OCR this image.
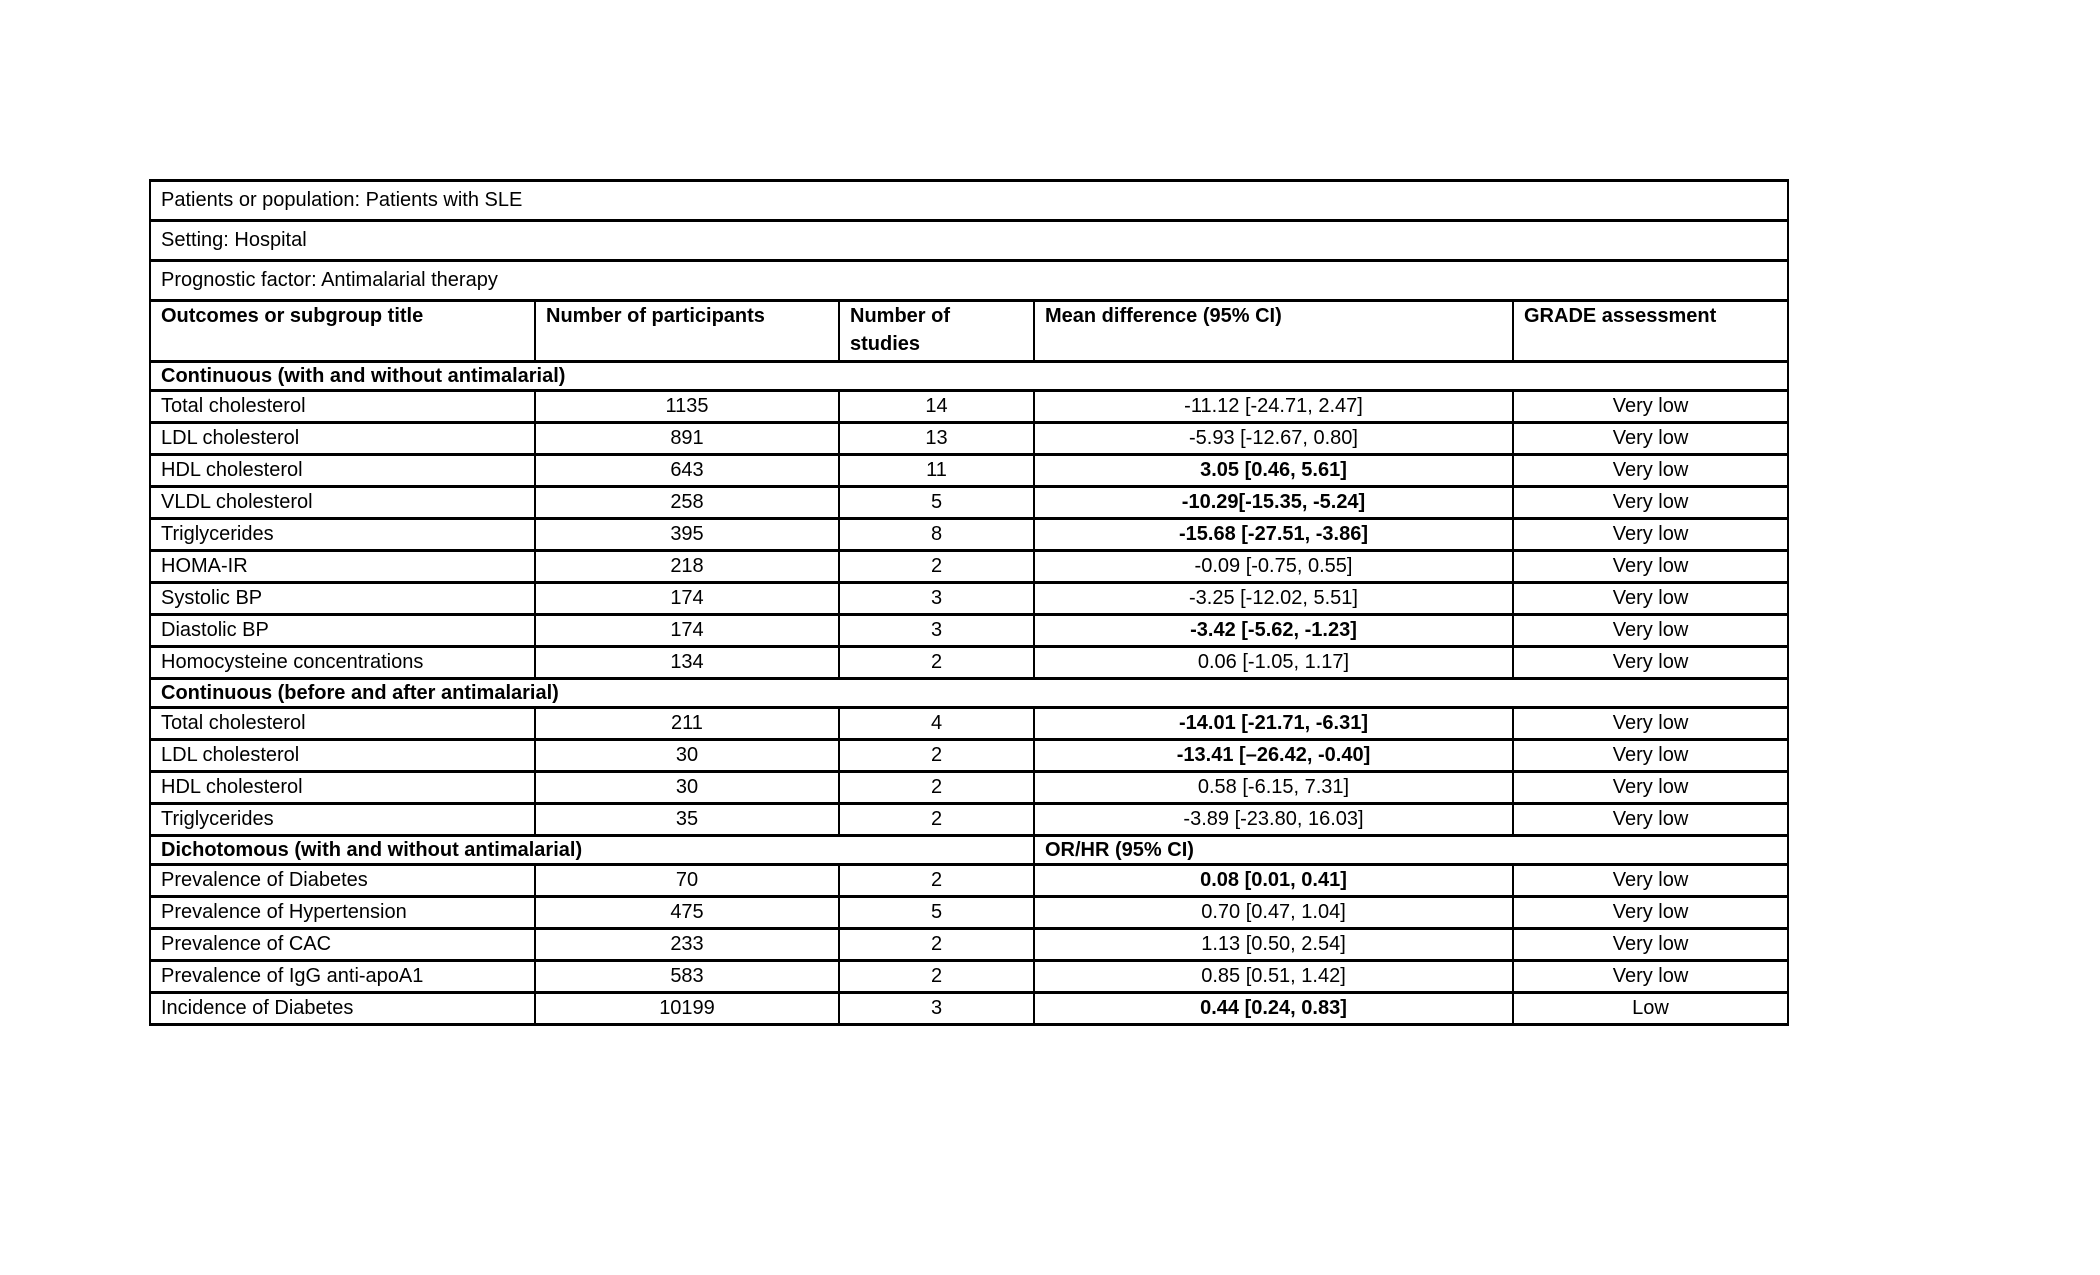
Patients or population: Patients with SLE				
Setting: Hospital				
Prognostic factor: Antimalarial therapy				
Outcomes or subgroup title	Number of participants	Number of studies	Mean difference (95% CI)	GRADE assessment
Continuous (with and without antimalarial)				
Total cholesterol	1135	14	-11.12 [-24.71, 2.47]	Very low
LDL cholesterol	891	13	-5.93 [-12.67, 0.80]	Very low
HDL cholesterol	643	11	3.05 [0.46, 5.61]	Very low
VLDL cholesterol	258	5	-10.29[-15.35, -5.24]	Very low
Triglycerides	395	8	-15.68 [-27.51, -3.86]	Very low
HOMA-IR	218	2	-0.09 [-0.75, 0.55]	Very low
Systolic BP	174	3	-3.25 [-12.02, 5.51]	Very low
Diastolic BP	174	3	-3.42 [-5.62, -1.23]	Very low
Homocysteine concentrations	134	2	0.06 [-1.05, 1.17]	Very low
Continuous (before and after antimalarial)				
Total cholesterol	211	4	-14.01 [-21.71, -6.31]	Very low
LDL cholesterol	30	2	-13.41 [–26.42, -0.40]	Very low
HDL cholesterol	30	2	0.58 [-6.15, 7.31]	Very low
Triglycerides	35	2	-3.89 [-23.80, 16.03]	Very low
Dichotomous (with and without antimalarial)			OR/HR (95% CI)	
Prevalence of Diabetes	70	2	0.08 [0.01, 0.41]	Very low
Prevalence of Hypertension	475	5	0.70 [0.47, 1.04]	Very low
Prevalence of CAC	233	2	1.13 [0.50, 2.54]	Very low
Prevalence of IgG anti-apoA1	583	2	0.85 [0.51, 1.42]	Very low
Incidence of Diabetes	10199	3	0.44 [0.24, 0.83]	Low
